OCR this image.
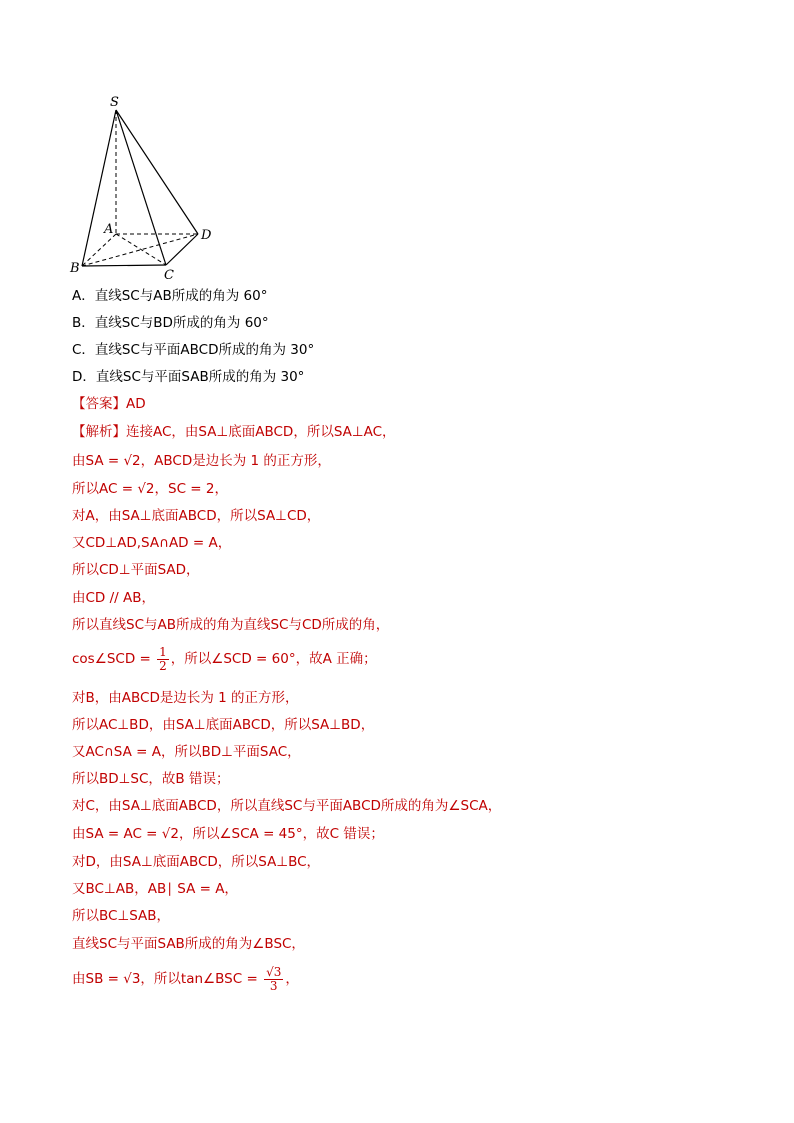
S
A
B	C
D
A．直线SC与AB所成的角为 60°
B．直线SC与BD所成的角为 60°
C．直线SC与平面ABCD所成的角为 30°
D．直线SC与平面SAB所成的角为 30°
【答案】AD
【解析】连接AC，由SA⊥底面ABCD，所以SA⊥AC，
由SA = √2，ABCD是边长为 1 的正方形，
所以AC = √2，SC = 2，
对A，由SA⊥底面ABCD，所以SA⊥CD，
又CD⊥AD,SA∩AD = A，
所以CD⊥平面SAD，
由CD // AB，
所以直线SC与AB所成的角为直线SC与CD所成的角，
cos∠SCD = $\frac{1}{2}$ ，所以∠SCD = 60°，故A 正确；
对B，由ABCD是边长为 1 的正方形，
所以AC⊥BD，由SA⊥底面ABCD，所以SA⊥BD，
又AC∩SA = A，所以BD⊥平面SAC，
所以BD⊥SC，故B 错误；
对C，由SA⊥底面ABCD，所以直线SC与平面ABCD所成的角为∠SCA，
由SA = AC = √2，所以∠SCA = 45°，故C 错误；
对D，由SA⊥底面ABCD，所以SA⊥BC，
又BC⊥AB，AB∣ SA = A，
所以BC⊥SAB，
直线SC与平面SAB所成的角为∠BSC，
由SB = √3，所以tan∠BSC = $\frac{√3}{3}$ ，
